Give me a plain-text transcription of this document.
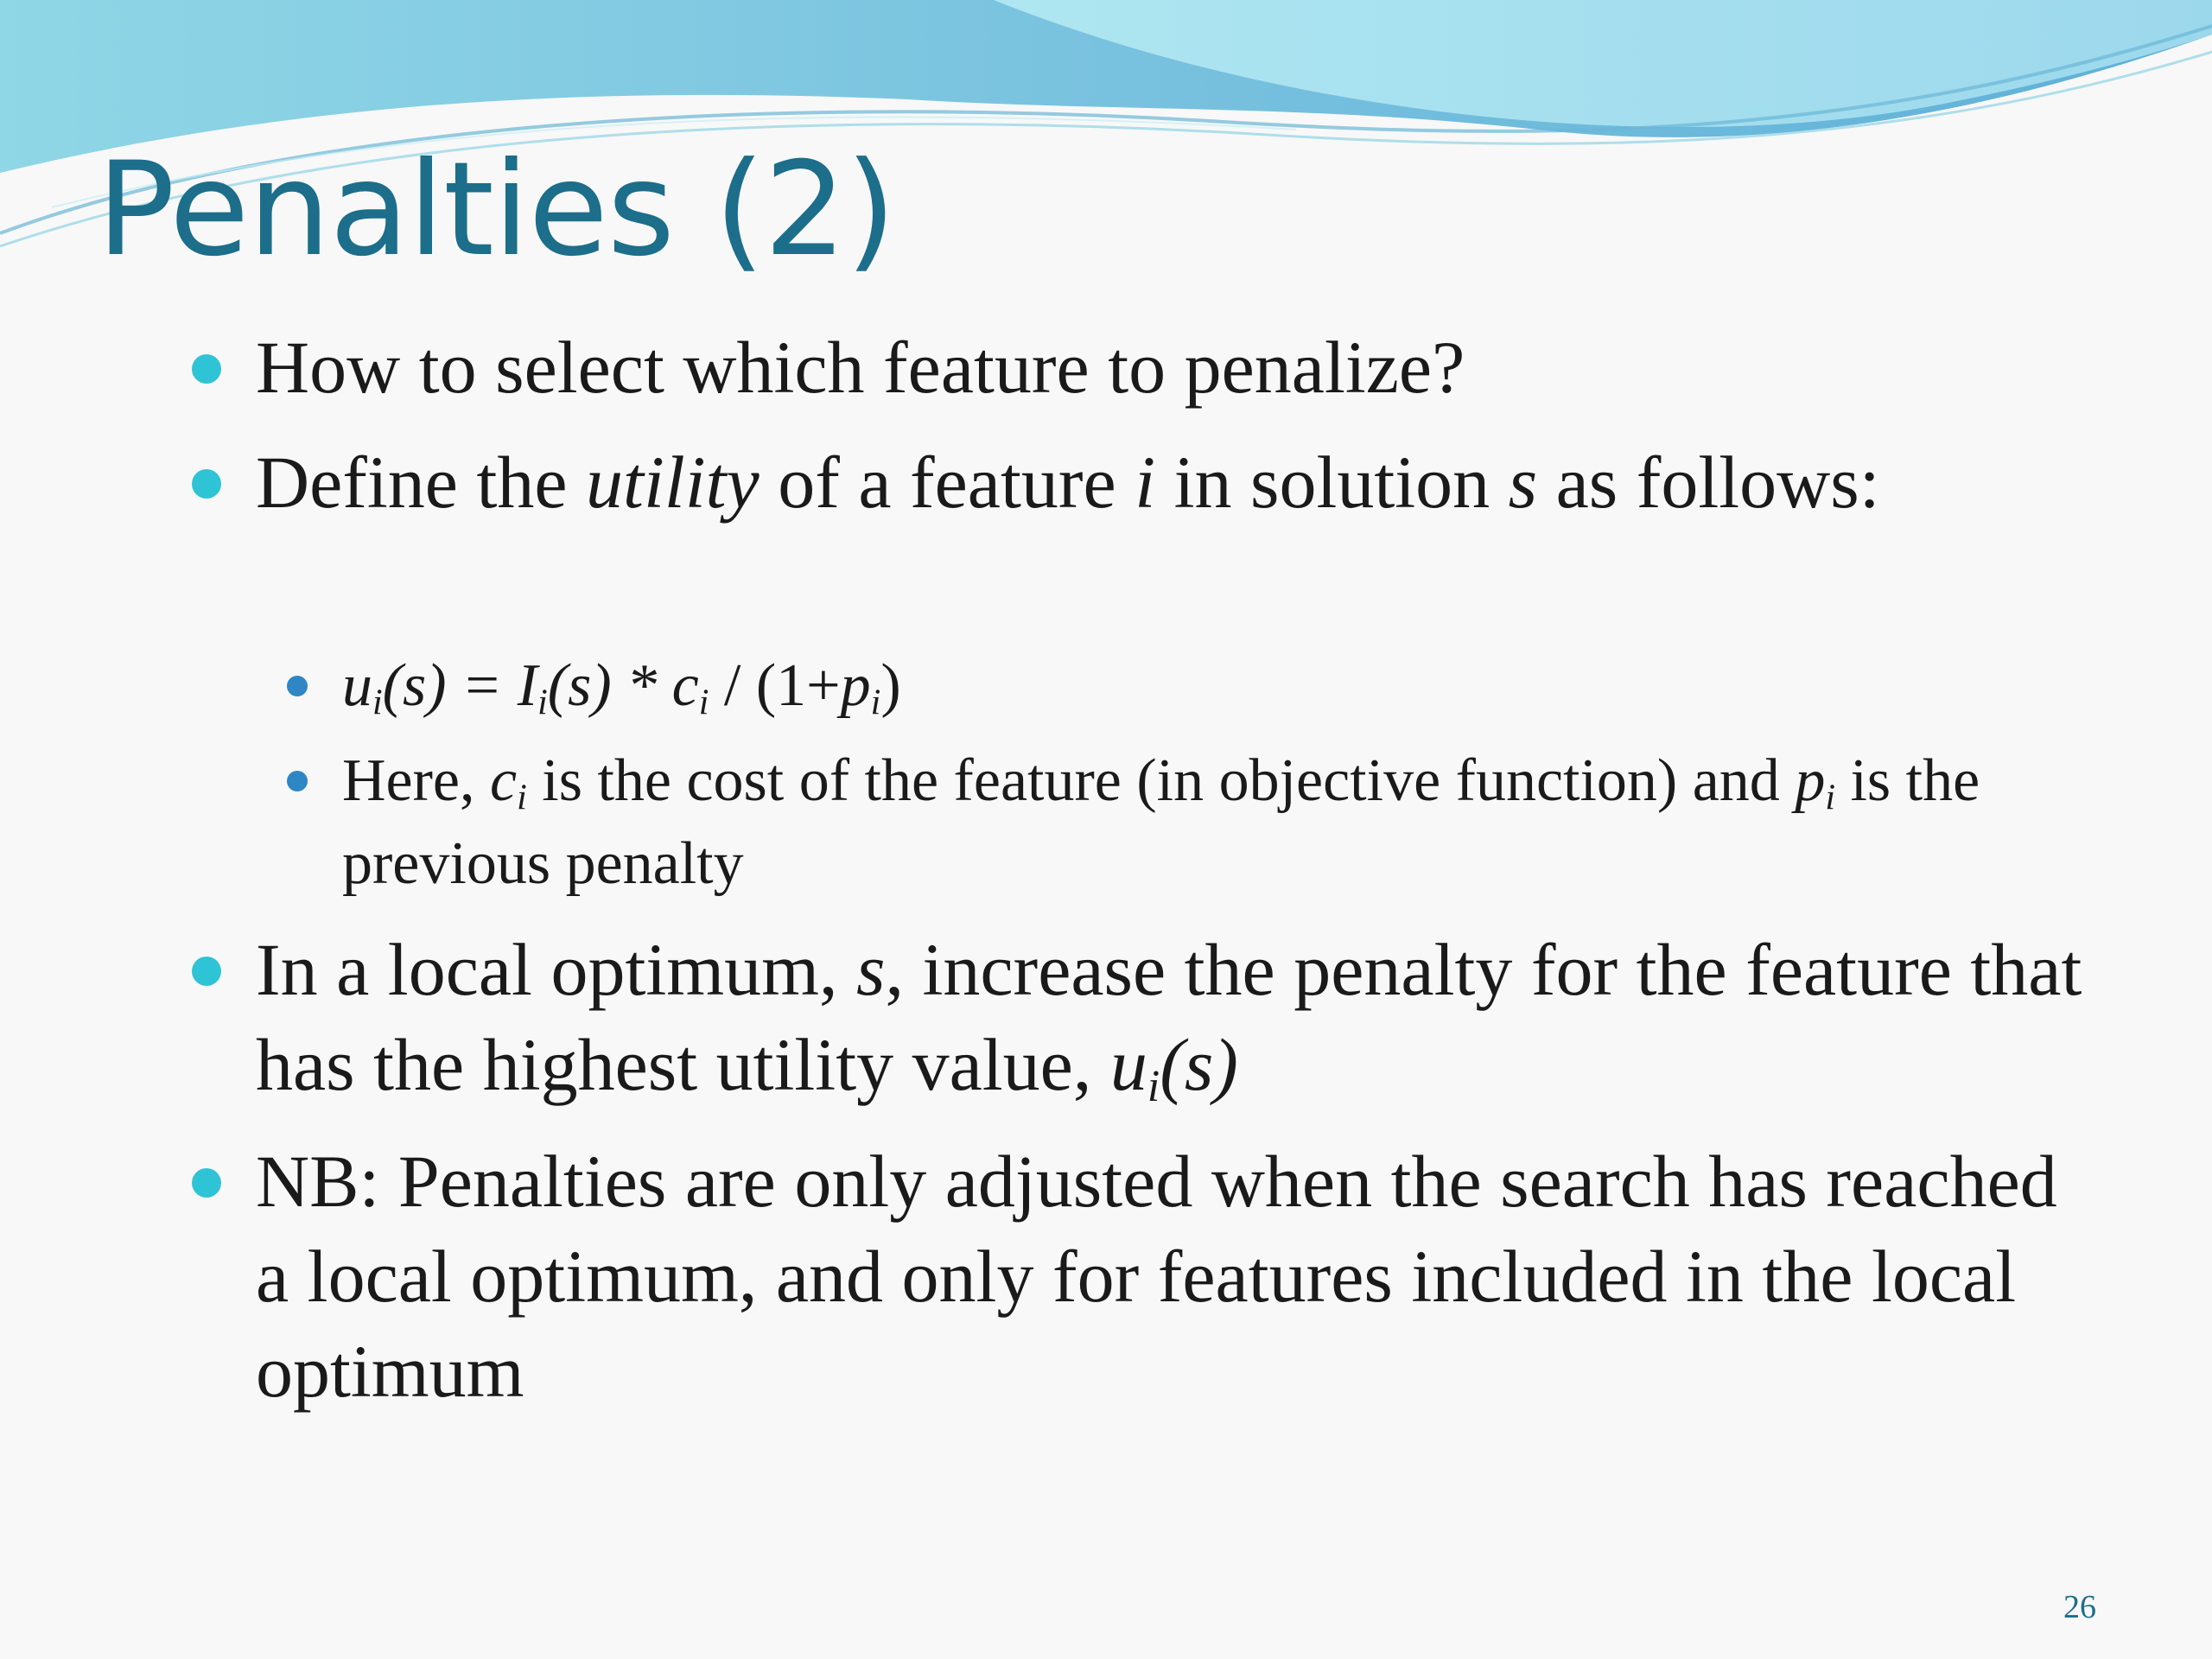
Penalties (2)
How to select which feature to penalize?
Define the utility of a feature i in solution s as follows:
$u_i(s) = I_i(s) * c_i / (1+p_i)$
Here, $c_i$ is the cost of the feature (in objective function) and $p_i$ is the previous penalty
In a local optimum, s, increase the penalty for the feature that has the highest utility value, $u_i(s)$
NB: Penalties are only adjusted when the search has reached a local optimum, and only for features included in the local optimum
26
